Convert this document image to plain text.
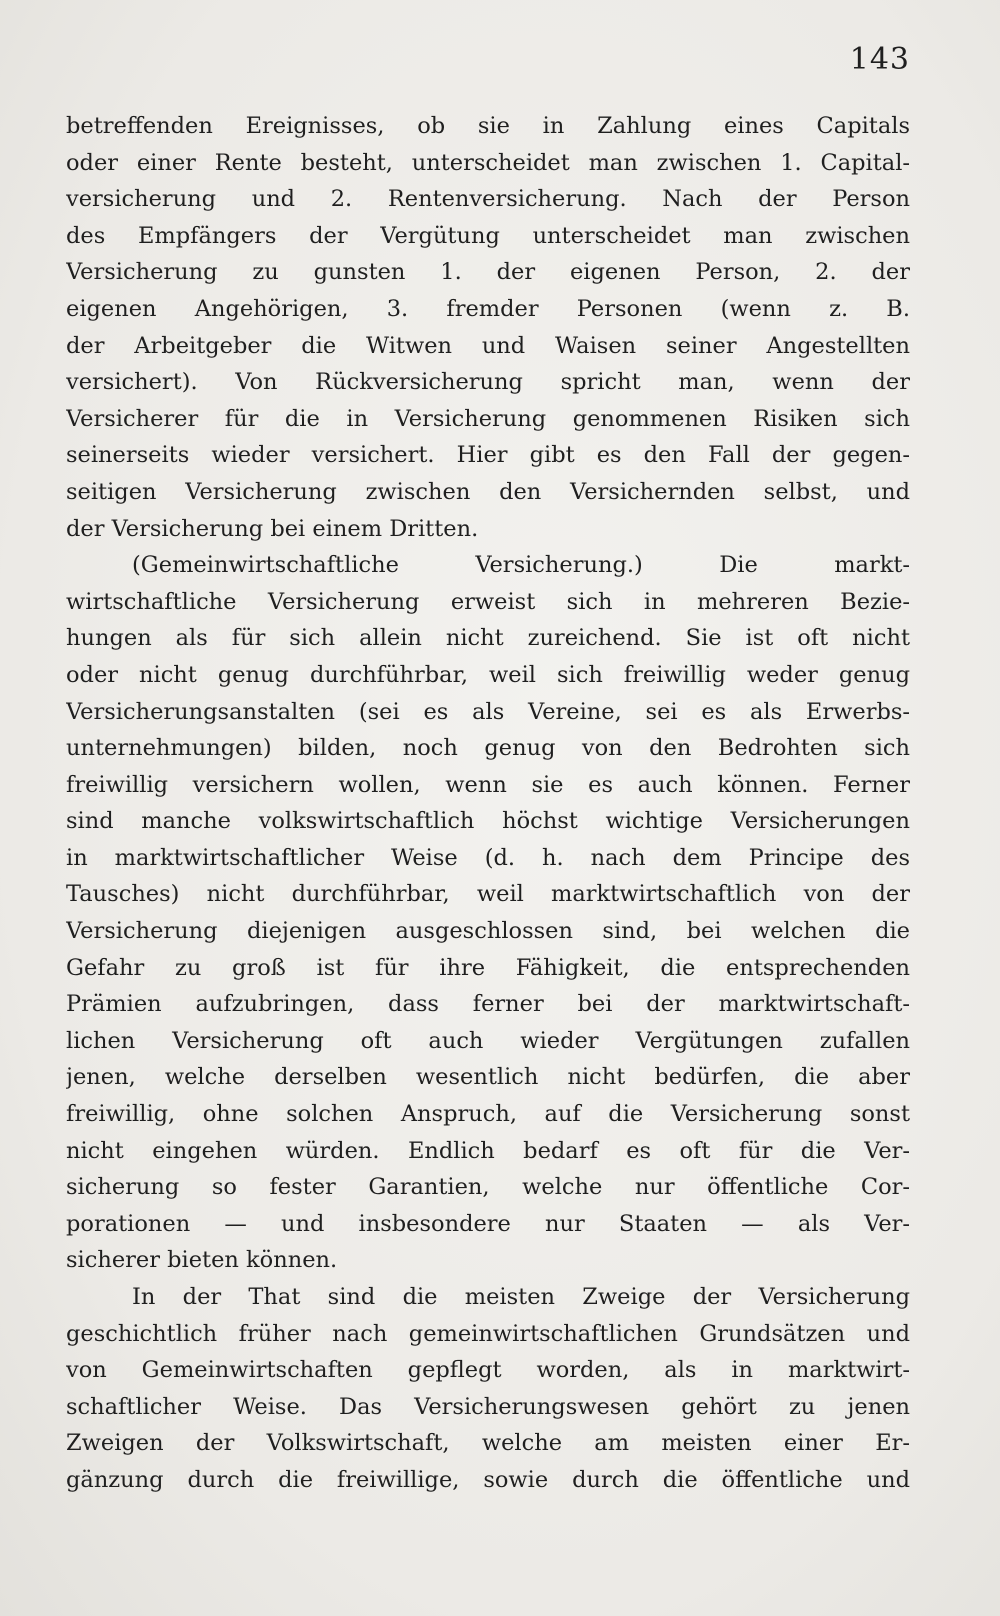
143
betreffenden Ereignisses, ob sie in Zahlung eines Capitals
oder einer Rente besteht, unterscheidet man zwischen 1. Capital-
versicherung und 2. Rentenversicherung. Nach der Person
des Empfängers der Vergütung unterscheidet man zwischen
Versicherung zu gunsten 1. der eigenen Person, 2. der
eigenen Angehörigen, 3. fremder Personen (wenn z. B.
der Arbeitgeber die Witwen und Waisen seiner Angestellten
versichert). Von Rückversicherung spricht man, wenn der
Versicherer für die in Versicherung genommenen Risiken sich
seinerseits wieder versichert. Hier gibt es den Fall der gegen-
seitigen Versicherung zwischen den Versichernden selbst, und
der Versicherung bei einem Dritten.
(Gemeinwirtschaftliche Versicherung.) Die markt-
wirtschaftliche Versicherung erweist sich in mehreren Bezie-
hungen als für sich allein nicht zureichend. Sie ist oft nicht
oder nicht genug durchführbar, weil sich freiwillig weder genug
Versicherungsanstalten (sei es als Vereine, sei es als Erwerbs-
unternehmungen) bilden, noch genug von den Bedrohten sich
freiwillig versichern wollen, wenn sie es auch können. Ferner
sind manche volkswirtschaftlich höchst wichtige Versicherungen
in marktwirtschaftlicher Weise (d. h. nach dem Principe des
Tausches) nicht durchführbar, weil marktwirtschaftlich von der
Versicherung diejenigen ausgeschlossen sind, bei welchen die
Gefahr zu groß ist für ihre Fähigkeit, die entsprechenden
Prämien aufzubringen, dass ferner bei der marktwirtschaft-
lichen Versicherung oft auch wieder Vergütungen zufallen
jenen, welche derselben wesentlich nicht bedürfen, die aber
freiwillig, ohne solchen Anspruch, auf die Versicherung sonst
nicht eingehen würden. Endlich bedarf es oft für die Ver-
sicherung so fester Garantien, welche nur öffentliche Cor-
porationen — und insbesondere nur Staaten — als Ver-
sicherer bieten können.
In der That sind die meisten Zweige der Versicherung
geschichtlich früher nach gemeinwirtschaftlichen Grundsätzen und
von Gemeinwirtschaften gepflegt worden, als in marktwirt-
schaftlicher Weise. Das Versicherungswesen gehört zu jenen
Zweigen der Volkswirtschaft, welche am meisten einer Er-
gänzung durch die freiwillige, sowie durch die öffentliche und
